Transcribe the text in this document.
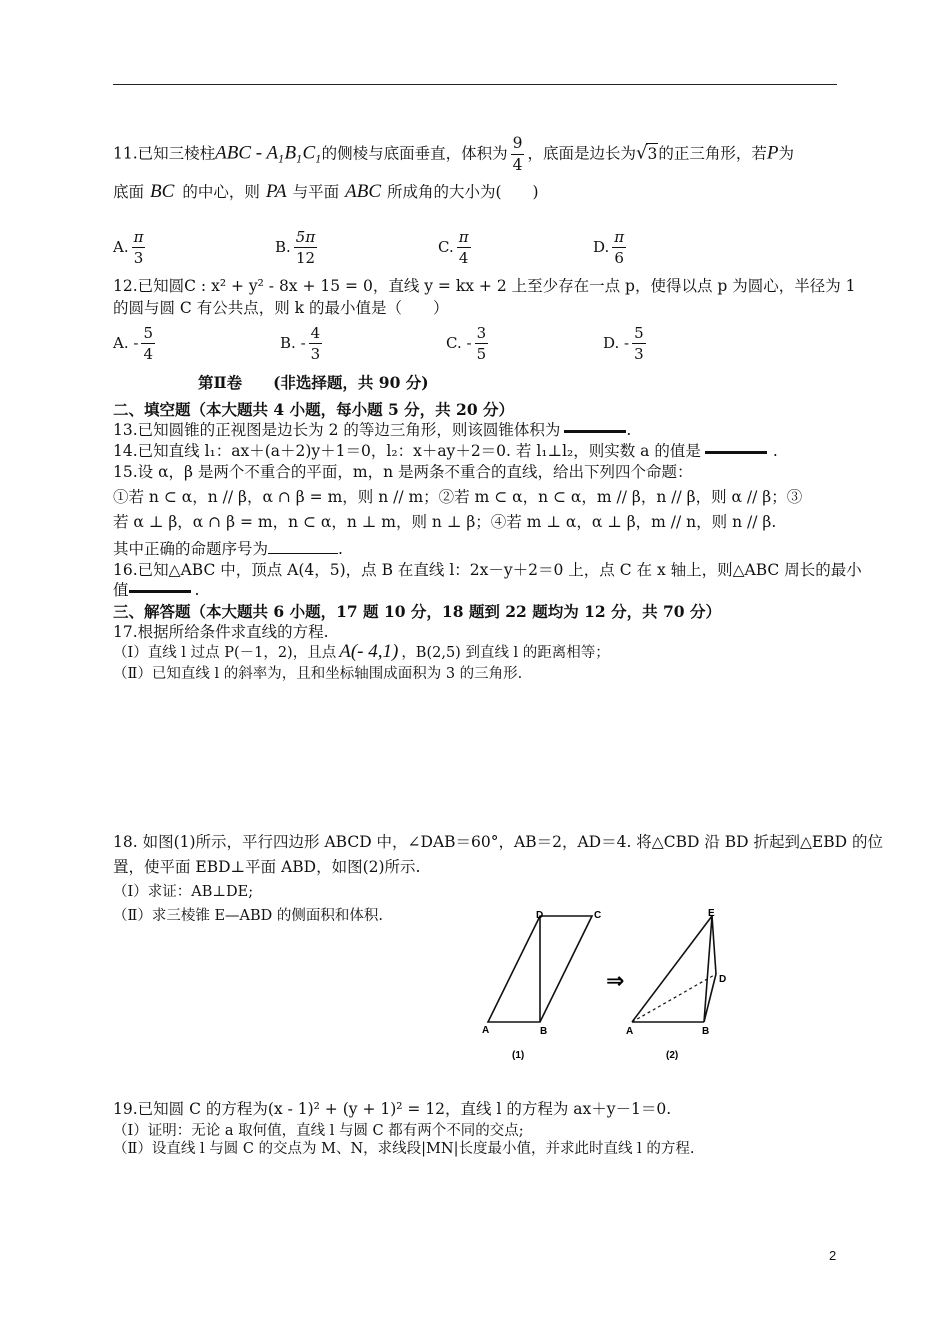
11.已知三棱柱ABC - $A_1B_1C_1$的侧棱与底面垂直，体积为 $\frac{9}{4}$ ，底面是边长为√3的正三角形，若P为
底面 BC 的中心，则 PA 与平面 ABC 所成角的大小为(　　)
A. $\frac{\pi}{3}$	B. $\frac{5\pi}{12}$	C. $\frac{\pi}{4}$	D. $\frac{\pi}{6}$
12.已知圆C : x² + y² - 8x + 15 = 0，直线 y = kx + 2 上至少存在一点 p，使得以点 p 为圆心，半径为 1
的圆与圆 C 有公共点，则 k 的最小值是（　　）
A. - $\frac{5}{4}$	B. - $\frac{4}{3}$	C. - $\frac{3}{5}$	D. - $\frac{5}{3}$
第Ⅱ卷　　(非选择题，共 90 分)
二、填空题（本大题共 4 小题，每小题 5 分，共 20 分）
13.已知圆锥的正视图是边长为 2 的等边三角形，则该圆锥体积为	.
14.已知直线 l₁：ax＋(a＋2)y＋1＝0，l₂：x＋ay＋2＝0. 若 l₁⊥l₂，则实数 a 的值是	.
15.设 α，β 是两个不重合的平面，m，n 是两条不重合的直线，给出下列四个命题：
①若 n ⊂ α，n // β，α ∩ β = m，则 n // m；②若 m ⊂ α，n ⊂ α，m // β，n // β，则 α // β；③
若 α ⊥ β，α ∩ β = m，n ⊂ α，n ⊥ m，则 n ⊥ β；④若 m ⊥ α，α ⊥ β，m // n，则 n // β.
其中正确的命题序号为	.
16.已知△ABC 中，顶点 A(4，5)，点 B 在直线 l：2x－y＋2＝0 上，点 C 在 x 轴上，则△ABC 周长的最小
值	.
三、解答题（本大题共 6 小题，17 题 10 分，18 题到 22 题均为 12 分，共 70 分）
17.根据所给条件求直线的方程.
（Ⅰ）直线 l 过点 P(－1，2)，且点 A(- 4,1) ，B(2,5) 到直线 l 的距离相等；
（Ⅱ）已知直线 l 的斜率为，且和坐标轴围成面积为 3 的三角形.
18. 如图(1)所示，平行四边形 ABCD 中，∠DAB＝60°，AB＝2，AD＝4. 将△CBD 沿 BD 折起到△EBD 的位
置，使平面 EBD⊥平面 ABD，如图(2)所示.
（Ⅰ）求证：AB⊥DE;
（Ⅱ）求三棱锥 E—ABD 的侧面积和体积.	D	C
A	B
(1)
⇒
E
D
A	B
(2)
19.已知圆 C 的方程为(x - 1)² + (y + 1)² = 12，直线 l 的方程为 ax＋y－1＝0.
（Ⅰ）证明：无论 a 取何值，直线 l 与圆 C 都有两个不同的交点;
（Ⅱ）设直线 l 与圆 C 的交点为 M、N，求线段|MN|长度最小值，并求此时直线 l 的方程.
2
